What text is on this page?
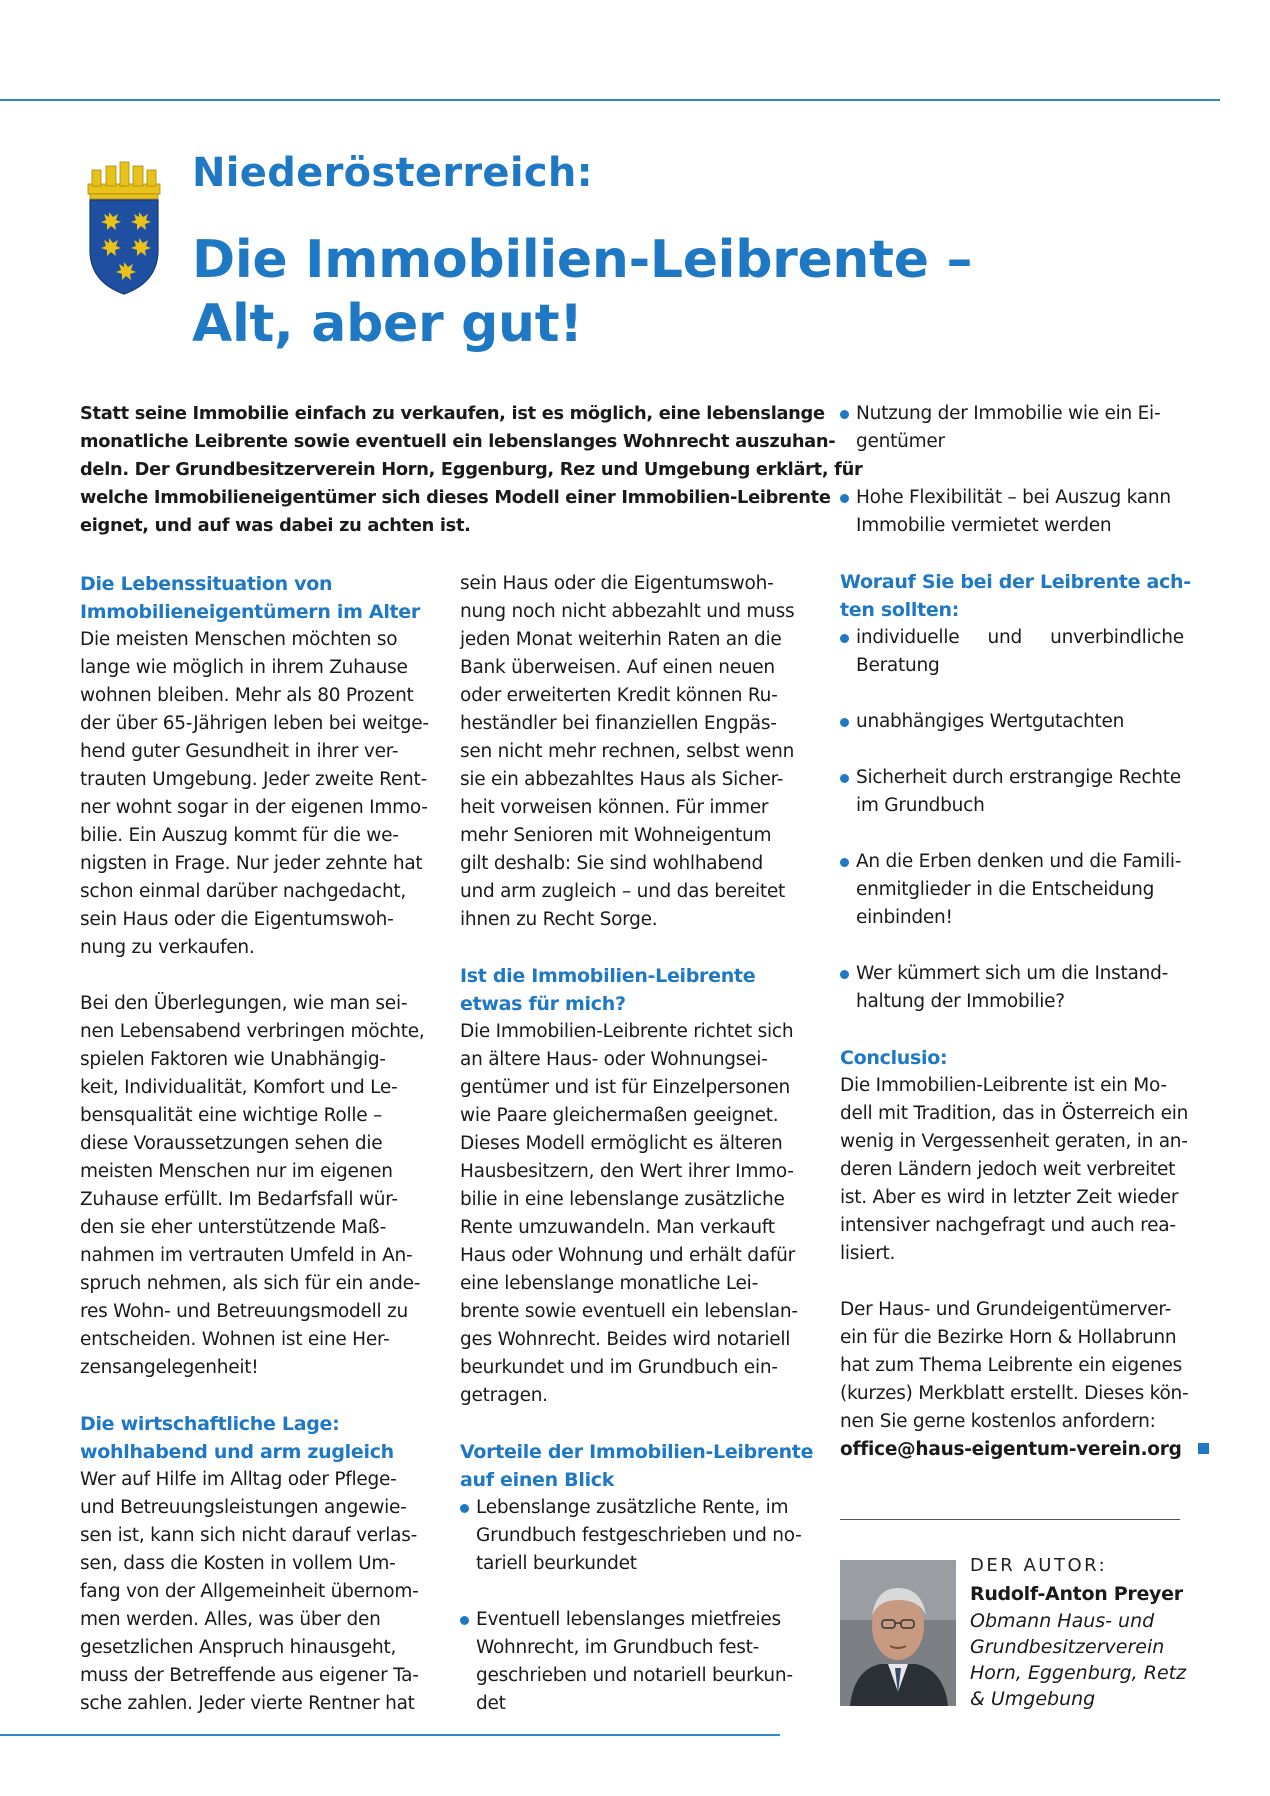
Niederösterreich:
Die Immobilien-Leibrente –
Alt, aber gut!
Statt seine Immobilie einfach zu verkaufen, ist es möglich, eine lebenslange
monatliche Leibrente sowie eventuell ein lebenslanges Wohnrecht auszuhan-
deln. Der Grundbesitzerverein Horn, Eggenburg, Rez und Umgebung erklärt, für
welche Immobilieneigentümer sich dieses Modell einer Immobilien-Leibrente
eignet, und auf was dabei zu achten ist.
Die Lebenssituation von
Immobilieneigentümern im Alter
Die meisten Menschen möchten so
lange wie möglich in ihrem Zuhause
wohnen bleiben. Mehr als 80 Prozent
der über 65-Jährigen leben bei weitge-
hend guter Gesundheit in ihrer ver-
trauten Umgebung. Jeder zweite Rent-
ner wohnt sogar in der eigenen Immo-
bilie. Ein Auszug kommt für die we-
nigsten in Frage. Nur jeder zehnte hat
schon einmal darüber nachgedacht,
sein Haus oder die Eigentumswoh-
nung zu verkaufen.
Bei den Überlegungen, wie man sei-
nen Lebensabend verbringen möchte,
spielen Faktoren wie Unabhängig-
keit, Individualität, Komfort und Le-
bensqualität eine wichtige Rolle –
diese Voraussetzungen sehen die
meisten Menschen nur im eigenen
Zuhause erfüllt. Im Bedarfsfall wür-
den sie eher unterstützende Maß-
nahmen im vertrauten Umfeld in An-
spruch nehmen, als sich für ein ande-
res Wohn- und Betreuungsmodell zu
entscheiden. Wohnen ist eine Her-
zensangelegenheit!
Die wirtschaftliche Lage:
wohlhabend und arm zugleich
Wer auf Hilfe im Alltag oder Pflege-
und Betreuungsleistungen angewie-
sen ist, kann sich nicht darauf verlas-
sen, dass die Kosten in vollem Um-
fang von der Allgemeinheit übernom-
men werden. Alles, was über den
gesetzlichen Anspruch hinausgeht,
muss der Betreffende aus eigener Ta-
sche zahlen. Jeder vierte Rentner hat
sein Haus oder die Eigentumswoh-
nung noch nicht abbezahlt und muss
jeden Monat weiterhin Raten an die
Bank überweisen. Auf einen neuen
oder erweiterten Kredit können Ru-
heständler bei finanziellen Engpäs-
sen nicht mehr rechnen, selbst wenn
sie ein abbezahltes Haus als Sicher-
heit vorweisen können. Für immer
mehr Senioren mit Wohneigentum
gilt deshalb: Sie sind wohlhabend
und arm zugleich – und das bereitet
ihnen zu Recht Sorge.
Ist die Immobilien-Leibrente
etwas für mich?
Die Immobilien-Leibrente richtet sich
an ältere Haus- oder Wohnungsei-
gentümer und ist für Einzelpersonen
wie Paare gleichermaßen geeignet.
Dieses Modell ermöglicht es älteren
Hausbesitzern, den Wert ihrer Immo-
bilie in eine lebenslange zusätzliche
Rente umzuwandeln. Man verkauft
Haus oder Wohnung und erhält dafür
eine lebenslange monatliche Lei-
brente sowie eventuell ein lebenslan-
ges Wohnrecht. Beides wird notariell
beurkundet und im Grundbuch ein-
getragen.
Vorteile der Immobilien-Leibrente
auf einen Blick
Lebenslange zusätzliche Rente, im
Grundbuch festgeschrieben und no-
tariell beurkundet
Eventuell lebenslanges mietfreies
Wohnrecht, im Grundbuch fest-
geschrieben und notariell beurkun-
det
Nutzung der Immobilie wie ein Ei-
gentümer
Hohe Flexibilität – bei Auszug kann
Immobilie vermietet werden
Worauf Sie bei der Leibrente ach-
ten sollten:
individuelle     und     unverbindliche
Beratung
unabhängiges Wertgutachten
Sicherheit durch erstrangige Rechte
im Grundbuch
An die Erben denken und die Famili-
enmitglieder in die Entscheidung
einbinden!
Wer kümmert sich um die Instand-
haltung der Immobilie?
Conclusio:
Die Immobilien-Leibrente ist ein Mo-
dell mit Tradition, das in Österreich ein
wenig in Vergessenheit geraten, in an-
deren Ländern jedoch weit verbreitet
ist. Aber es wird in letzter Zeit wieder
intensiver nachgefragt und auch rea-
lisiert.
Der Haus- und Grundeigentümerver-
ein für die Bezirke Horn & Hollabrunn
hat zum Thema Leibrente ein eigenes
(kurzes) Merkblatt erstellt. Dieses kön-
nen Sie gerne kostenlos anfordern:
office@haus-eigentum-verein.org
DER AUTOR:
Rudolf-Anton Preyer
Obmann Haus- und
Grundbesitzerverein
Horn, Eggenburg, Retz
& Umgebung
